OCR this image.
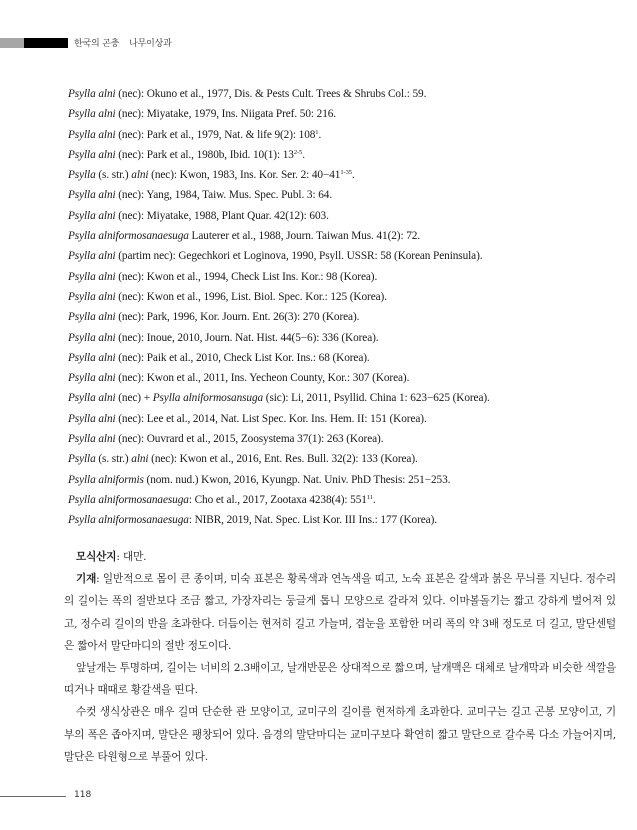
한국의 곤충 나무이상과
Psylla alni (nec): Okuno et al., 1977, Dis. & Pests Cult. Trees & Shrubs Col.: 59.
Psylla alni (nec): Miyatake, 1979, Ins. Niigata Pref. 50: 216.
Psylla alni (nec): Park et al., 1979, Nat. & life 9(2): $108^1$.
Psylla alni (nec): Park et al., 1980b, Ibid. 10(1): 13$^{2-5}$.
Psylla (s. str.) alni (nec): Kwon, 1983, Ins. Kor. Ser. 2: $40-41^{1-35}$.
Psylla alni (nec): Yang, 1984, Taiw. Mus. Spec. Publ. 3: 64.
Psylla alni (nec): Miyatake, 1988, Plant Quar. 42(12): 603.
Psylla alniformosanaesuga Lauterer et al., 1988, Journ. Taiwan Mus. 41(2): 72.
Psylla alni (partim nec): Gegechkori et Loginova, 1990, Psyll. USSR: 58 (Korean Peninsula).
Psylla alni (nec): Kwon et al., 1994, Check List Ins. Kor.: 98 (Korea).
Psylla alni (nec): Kwon et al., 1996, List. Biol. Spec. Kor.: 125 (Korea).
Psylla alni (nec): Park, 1996, Kor. Journ. Ent. 26(3): 270 (Korea).
Psylla alni (nec): Inoue, 2010, Journ. Nat. Hist. 44(5−6): 336 (Korea).
Psylla alni (nec): Paik et al., 2010, Check List Kor. Ins.: 68 (Korea).
Psylla alni (nec): Kwon et al., 2011, Ins. Yecheon County, Kor.: 307 (Korea).
Psylla alni (nec) + Psylla alniformosansuga (sic): Li, 2011, Psyllid. China 1: 623−625 (Korea).
Psylla alni (nec): Lee et al., 2014, Nat. List Spec. Kor. Ins. Hem. II: 151 (Korea).
Psylla alni (nec): Ouvrard et al., 2015, Zoosystema 37(1): 263 (Korea).
Psylla (s. str.) alni (nec): Kwon et al., 2016, Ent. Res. Bull. 32(2): 133 (Korea).
Psylla alniformis (nom. nud.) Kwon, 2016, Kyungp. Nat. Univ. PhD Thesis: 251−253.
Psylla alniformosanaesuga: Cho et al., 2017, Zootaxa 4238(4): $551^{11}$.
Psylla alniformosanaesuga: NIBR, 2019, Nat. Spec. List Kor. III Ins.: 177 (Korea).

모식산지: 대만.

기재: 일반적으로 몸이 큰 종이며, 미숙 표본은 황록색과 연녹색을 띠고, 노숙 표본은 갈색과 붉은 무늬를 지닌다. 정수리의 길이는 폭의 절반보다 조금 짧고, 가장자리는 둥글게 톱니 모양으로 갈라져 있다. 이마볼돌기는 짧고 강하게 벌어져 있고, 정수리 길이의 반을 초과한다. 더듬이는 현저히 길고 가늘며, 겹눈을 포함한 머리 폭의 약 3배 정도로 더 길고, 말단센털은 짧아서 말단마디의 절반 정도이다.

앞날개는 투명하며, 길이는 너비의 2.3배이고, 날개반문은 상대적으로 짧으며, 날개맥은 대체로 날개막과 비슷한 색깔을 띠거나 때때로 황갈색을 띤다.

수컷 생식상관은 매우 길며 단순한 관 모양이고, 교미구의 길이를 현저하게 초과한다. 교미구는 길고 곤봉 모양이고, 기부의 폭은 좁아지며, 말단은 팽창되어 있다. 음경의 말단마디는 교미구보다 확연히 짧고 말단으로 갈수록 다소 가늘어지며, 말단은 타원형으로 부풀어 있다.

118
